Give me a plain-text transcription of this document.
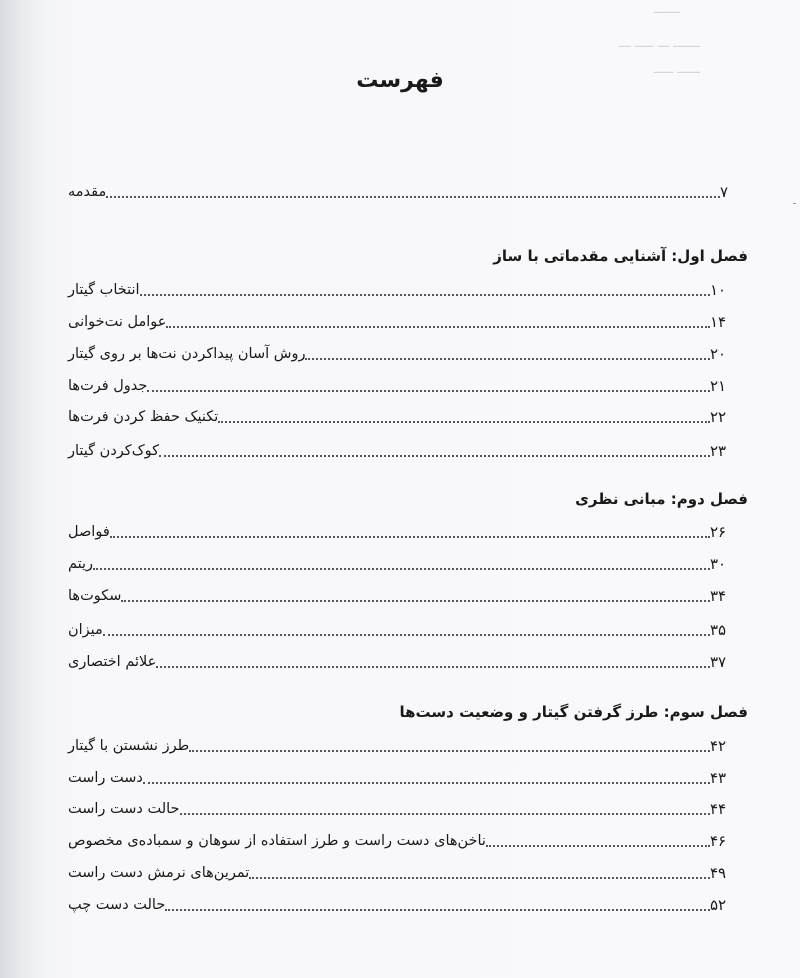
ـــــــ
ـــــــ ـــ ـــــ ـــ
ــــــ ـــــ
فهرست
مقدمه	۷
فصل اول: آشنایی مقدماتی با ساز
انتخاب گیتار	۱۰
عوامل نت‌خوانی	۱۴
روش آسان پیداکردن نت‌ها بر روی گیتار	۲۰
جدول فرت‌ها	۲۱
تکنیک حفظ کردن فرت‌ها	۲۲
کوک‌کردن گیتار	۲۳
فصل دوم: مبانی نظری
فواصل	۲۶
ریتم	۳۰
سکوت‌ها	۳۴
میزان	۳۵
علائم اختصاری	۳۷
فصل سوم: طرز گرفتن گیتار و وضعیت دست‌ها
طرز نشستن با گیتار	۴۲
دست راست	۴۳
حالت دست راست	۴۴
ناخن‌های دست راست و طرز استفاده از سوهان و سمباده‌ی مخصوص	۴۶
تمرین‌های نرمش دست راست	۴۹
حالت دست چپ	۵۲
